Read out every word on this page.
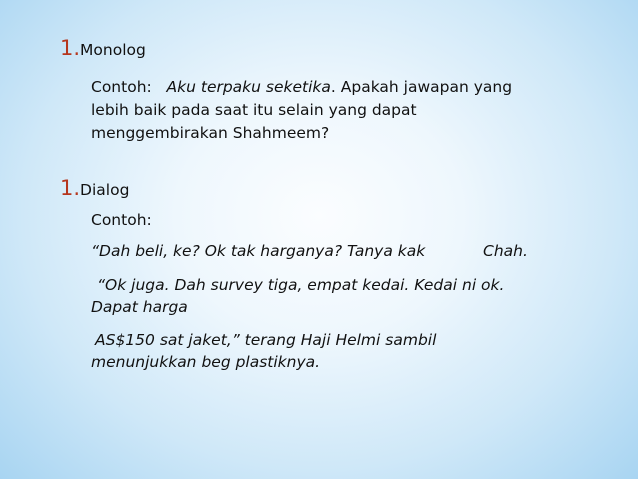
1.Monolog
Contoh: Aku terpaku seketika. Apakah jawapan yang
lebih baik pada saat itu selain yang dapat
menggembirakan Shahmeem?
1.Dialog
Contoh:
“Dah beli, ke? Ok tak harganya? Tanya kak	Chah.
“Ok juga. Dah survey tiga, empat kedai. Kedai ni ok.
Dapat harga
AS$150 sat jaket,” terang Haji Helmi sambil
menunjukkan beg plastiknya.
